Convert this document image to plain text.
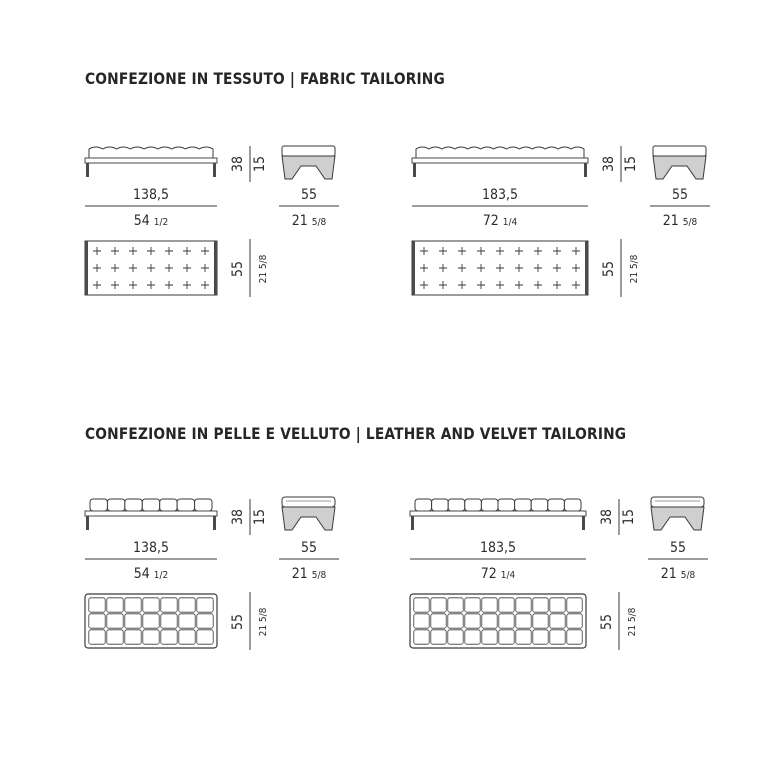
CONFEZIONE IN TESSUTO | FABRIC TAILORING
CONFEZIONE IN PELLE E VELLUTO | LEATHER AND VELVET TAILORING
38 15
138,5
54 1/2
55
21 5/8
55 21 5/8
38 15
183,5
72 1/4
55
21 5/8
55 21 5/8
38 15
138,5
54 1/2
55
21 5/8
55 21 5/8
38 15
183,5
72 1/4
55
21 5/8
55 21 5/8
